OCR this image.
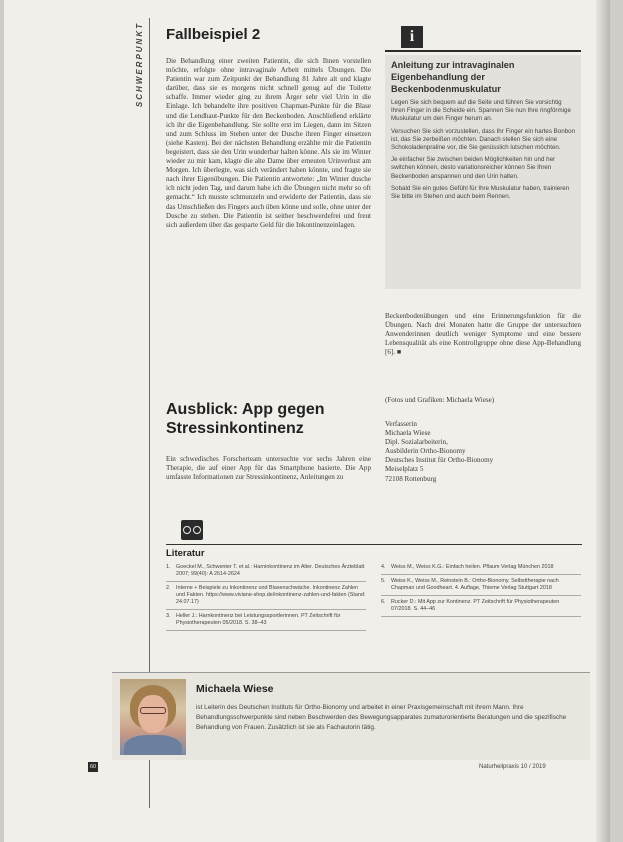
SCHWERPUNKT Fallbeispiel 2
Die Behandlung einer zweiten Patientin, die sich Ihnen vorstellen möchte, erfolgte ohne intravaginale Arbeit mittels Übungen. Die Patientin war zum Zeitpunkt der Behandlung 81 Jahre alt und klagte darüber, dass sie es morgens nicht schnell genug auf die Toilette schaffe. Immer wieder ging zu ihrem Ärger sehr viel Urin in die Einlage. Ich behandelte ihre positiven Chapman-Punkte für die Blase und die Lendhaut-Punkte für den Beckenboden. Anschließend erklärte ich ihr die Eigenbehandlung. Sie sollte erst im Liegen, dann im Sitzen und zum Schluss im Stehen unter der Dusche ihren Finger einsetzen (siehe Kasten). Bei der nächsten Behandlung erzählte mir die Patientin begeistert, dass sie den Urin wunderbar halten könne. Als sie im Winter wieder zu mir kam, klagte die alte Dame über erneuten Urinverlust am Morgen. Ich überlegte, was sich verändert haben könnte, und fragte sie nach ihrer Eigenübungen. Die Patientin antwortete: „Im Winter dusche ich nicht jeden Tag, und darum habe ich die Übungen nicht mehr so oft gemacht.“ Ich musste schmunzeln und erwiderte der Patientin, dass sie das Umschließen des Fingers auch üben könne und solle, ohne unter der Dusche zu stehen. Die Patientin ist seither beschwerdefrei und freut sich außerdem über das gesparte Geld für die Inkontinenzeinlagen.
Ausblick: App gegen Stressinkontinenz
Ein schwedisches Forscherteam untersuchte vor sechs Jahren eine Therapie, die auf einer App für das Smartphone basierte. Die App umfasste Informationen zur Stressinkontinenz, Anleitungen zu
i
Anleitung zur intravaginalen Eigenbehandlung der Beckenbodenmuskulatur

Legen Sie sich bequem auf die Seite und führen Sie vorsichtig Ihren Finger in die Scheide ein. Spannen Sie nun Ihre ringförmige Muskulatur um den Finger herum an.

Versuchen Sie sich vorzustellen, dass Ihr Finger ein hartes Bonbon ist, das Sie zerbeißen möchten. Danach stellen Sie sich eine Schokoladenpraline vor, die Sie genüsslich lutschen möchten.

Je einfacher Sie zwischen beiden Möglichkeiten hin und her switchen können, desto variationsreicher können Sie Ihren Beckenboden anspannen und den Urin halten.

Sobald Sie ein gutes Gefühl für Ihre Muskulatur haben, trainieren Sie bitte im Stehen und auch beim Rennen.

Beckenbodenübungen und eine Erinnerungsfunktion für die Übungen. Nach drei Monaten hatte die Gruppe der untersuchten Anwenderinnen deutlich weniger Symptome und eine bessere Lebensqualität als eine Kontrollgruppe ohne diese App-Behandlung [6]. ■
(Fotos und Grafiken: Michaela Wiese)
Verfasserin
Michaela Wiese
Dipl. Sozialarbeiterin,
Ausbilderin Ortho-Bionomy
Deutsches Institut für Ortho-Bionomy
Meiselplatz 5
72108 Rottenburg
Literatur
1. Goeckel M., Schwenter T. et al.: Harninkontinenz im Alter. Deutsches Ärzteblatt 2007; 99(40): A 2614-2624
2. Interne + Beispiele zu Inkontinenz und Blasenschwäche. Inkontinenz Zahlen und Fakten. https://www.viviane-shop.de/inkontinenz-zahlen-und-fakten (Stand: 24.07.17)
3. Heller J.: Harnkontinenz bei Leistungssportlerinnen. PT Zeitschrift für Physiotherapeuten 05/2018. S. 38–43
4. Weiss M., Weiss K.G.: Einfach heilen. Pflaum Verlag München 2018
5. Weiss K., Weiss M., Reinstein B.: Ortho-Bionomy. Selbsttherapie nach Chapman und Goodheart. 4. Auflage, Thieme Verlag Stuttgart 2018
6. Rucker D.: Mit App zur Kontinenz. PT Zeitschrift für Physiotherapeuten 07/2018. S. 44–46
Michaela Wiese
ist Leiterin des Deutschen Instituts für Ortho-Bionomy und arbeitet in einer Praxisgemeinschaft mit ihrem Mann. Ihre Behandlungsschwerpunkte sind neben Beschwerden des Bewegungsapparates zumaturorientierte Beratungen und die spezifische Behandlung von Frauen. Zusätzlich ist sie als Fachautorin tätig.
60	Naturheilpraxis 10 / 2019
